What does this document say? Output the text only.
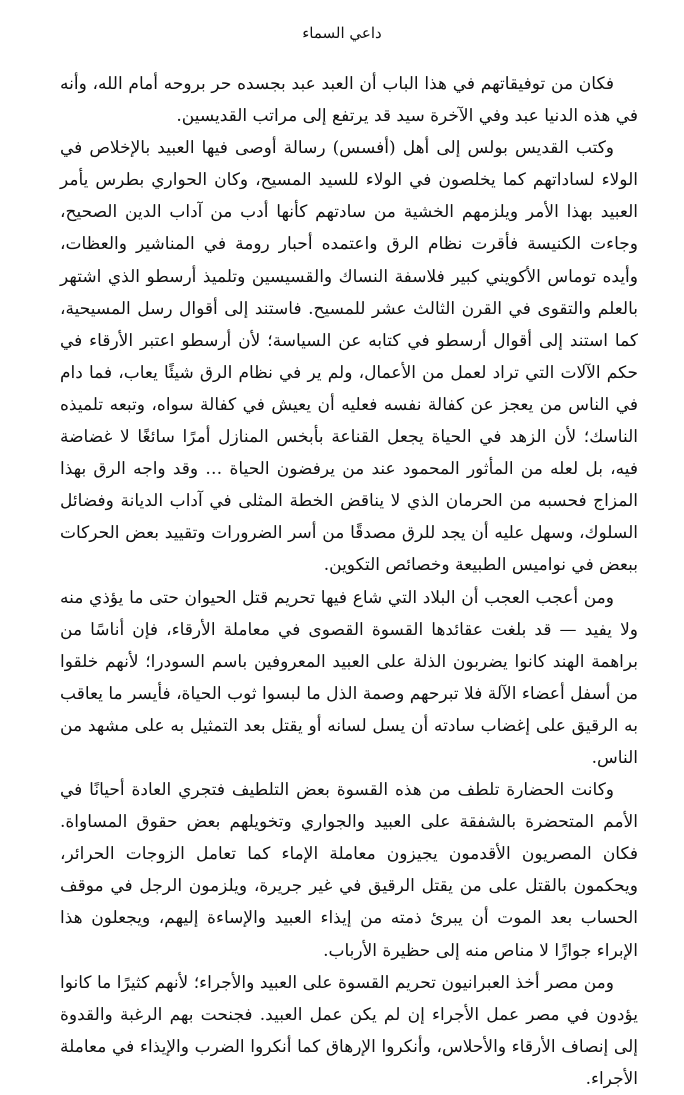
داعي السماء

فكان من توفيقاتهم في هذا الباب أن العبد عبد بجسده حر بروحه أمام الله، وأنه في هذه الدنيا عبد وفي الآخرة سيد قد يرتفع إلى مراتب القديسين.

وكتب القديس بولس إلى أهل (أفسس) رسالة أوصى فيها العبيد بالإخلاص في الولاء لساداتهم كما يخلصون في الولاء للسيد المسيح، وكان الحواري بطرس يأمر العبيد بهذا الأمر ويلزمهم الخشية من سادتهم كأنها أدب من آداب الدين الصحيح، وجاءت الكنيسة فأقرت نظام الرق واعتمده أحبار رومة في المناشير والعظات، وأيده توماس الأكويني كبير فلاسفة النساك والقسيسين وتلميذ أرسطو الذي اشتهر بالعلم والتقوى في القرن الثالث عشر للمسيح. فاستند إلى أقوال رسل المسيحية، كما استند إلى أقوال أرسطو في كتابه عن السياسة؛ لأن أرسطو اعتبر الأرقاء في حكم الآلات التي تراد لعمل من الأعمال، ولم ير في نظام الرق شيئًا يعاب، فما دام في الناس من يعجز عن كفالة نفسه فعليه أن يعيش في كفالة سواه، وتبعه تلميذه الناسك؛ لأن الزهد في الحياة يجعل القناعة بأبخس المنازل أمرًا سائغًا لا غضاضة فيه، بل لعله من المأثور المحمود عند من يرفضون الحياة … وقد واجه الرق بهذا المزاج فحسبه من الحرمان الذي لا يناقض الخطة المثلى في آداب الديانة وفضائل السلوك، وسهل عليه أن يجد للرق مصدقًا من أسر الضرورات وتقييد بعض الحركات ببعض في نواميس الطبيعة وخصائص التكوين.

ومن أعجب العجب أن البلاد التي شاع فيها تحريم قتل الحيوان حتى ما يؤذي منه ولا يفيد — قد بلغت عقائدها القسوة القصوى في معاملة الأرقاء، فإن أناسًا من براهمة الهند كانوا يضربون الذلة على العبيد المعروفين باسم السودرا؛ لأنهم خلقوا من أسفل أعضاء الآلة فلا تبرحهم وصمة الذل ما لبسوا ثوب الحياة، فأيسر ما يعاقب به الرقيق على إغضاب سادته أن يسل لسانه أو يقتل بعد التمثيل به على مشهد من الناس.

وكانت الحضارة تلطف من هذه القسوة بعض التلطيف فتجري العادة أحيانًا في الأمم المتحضرة بالشفقة على العبيد والجواري وتخويلهم بعض حقوق المساواة. فكان المصريون الأقدمون يجيزون معاملة الإماء كما تعامل الزوجات الحرائر، ويحكمون بالقتل على من يقتل الرقيق في غير جريرة، ويلزمون الرجل في موقف الحساب بعد الموت أن يبرئ ذمته من إيذاء العبيد والإساءة إليهم، ويجعلون هذا الإبراء جوازًا لا مناص منه إلى حظيرة الأرباب.

ومن مصر أخذ العبرانيون تحريم القسوة على العبيد والأجراء؛ لأنهم كثيرًا ما كانوا يؤدون في مصر عمل الأجراء إن لم يكن عمل العبيد. فجنحت بهم الرغبة والقدوة إلى إنصاف الأرقاء والأحلاس، وأنكروا الإرهاق كما أنكروا الضرب والإيذاء في معاملة الأجراء.
